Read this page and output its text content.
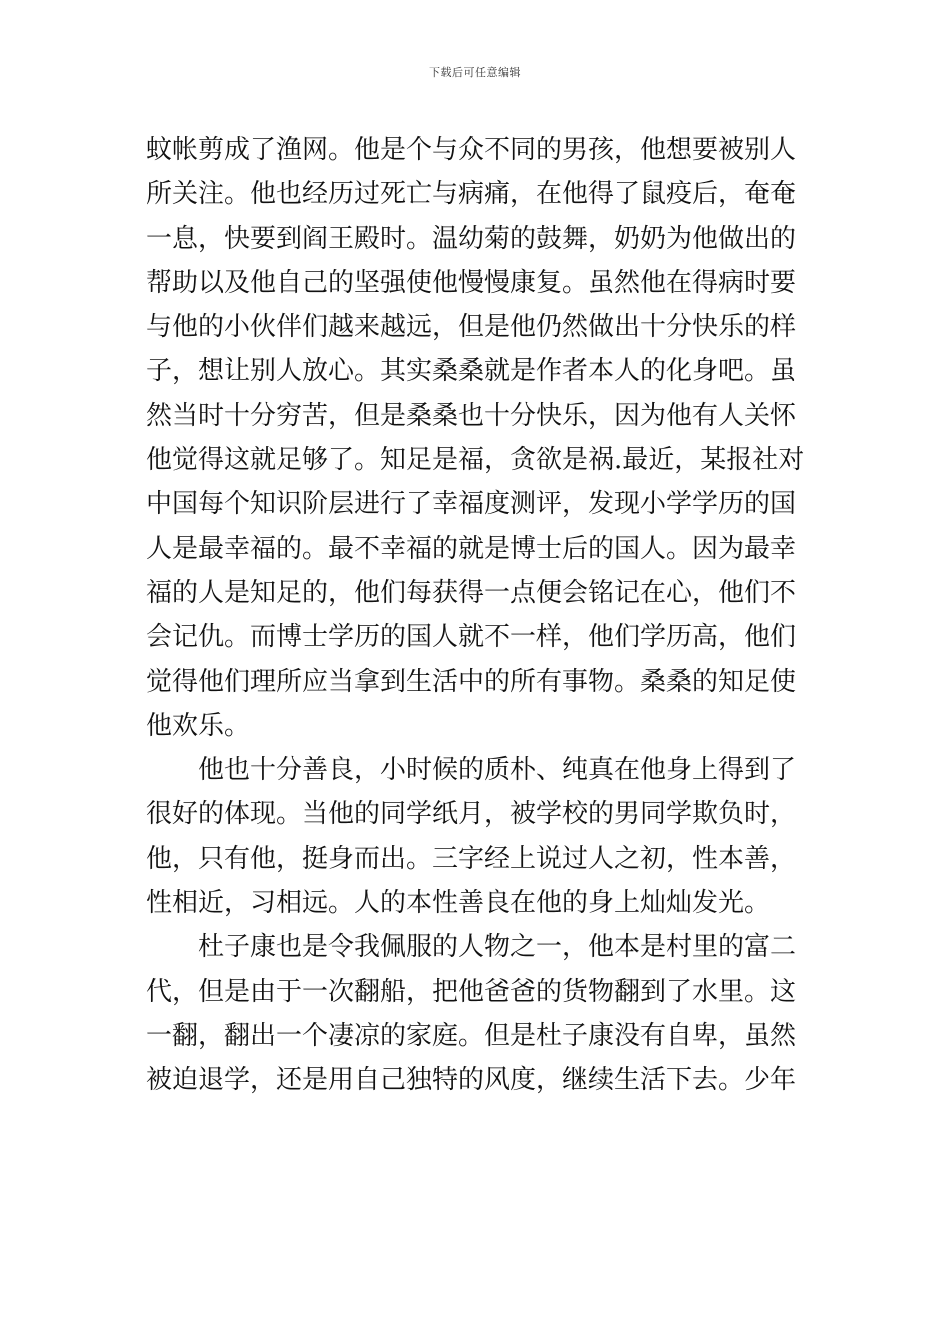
下载后可任意编辑
蚊帐剪成了渔网。他是个与众不同的男孩，他想要被别人
所关注。他也经历过死亡与病痛，在他得了鼠疫后，奄奄
一息，快要到阎王殿时。温幼菊的鼓舞，奶奶为他做出的
帮助以及他自己的坚强使他慢慢康复。虽然他在得病时要
与他的小伙伴们越来越远，但是他仍然做出十分快乐的样
子，想让别人放心。其实桑桑就是作者本人的化身吧。虽
然当时十分穷苦，但是桑桑也十分快乐，因为他有人关怀
他觉得这就足够了。知足是福，贪欲是祸.最近，某报社对
中国每个知识阶层进行了幸福度测评，发现小学学历的国
人是最幸福的。最不幸福的就是博士后的国人。因为最幸
福的人是知足的，他们每获得一点便会铭记在心，他们不
会记仇。而博士学历的国人就不一样，他们学历高，他们
觉得他们理所应当拿到生活中的所有事物。桑桑的知足使
他欢乐。
他也十分善良，小时候的质朴、纯真在他身上得到了
很好的体现。当他的同学纸月，被学校的男同学欺负时，
他，只有他，挺身而出。三字经上说过人之初，性本善，
性相近，习相远。人的本性善良在他的身上灿灿发光。
杜子康也是令我佩服的人物之一，他本是村里的富二
代，但是由于一次翻船，把他爸爸的货物翻到了水里。这
一翻，翻出一个凄凉的家庭。但是杜子康没有自卑，虽然
被迫退学，还是用自己独特的风度，继续生活下去。少年
